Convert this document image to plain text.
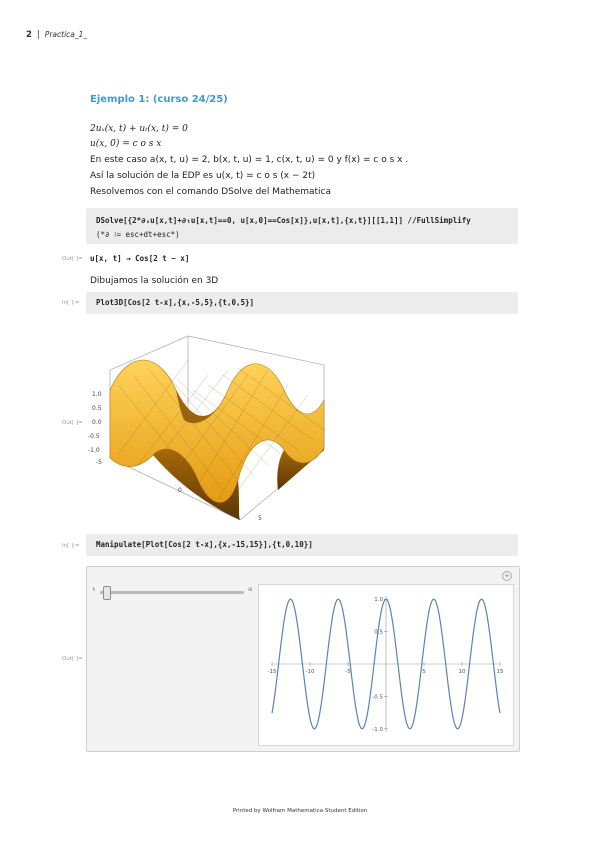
2 | Practica_1_
Ejemplo 1: (curso 24/25)
2uₓ(x, t) + uₜ(x, t) = 0
u(x, 0) = c o s x
En este caso a(x, t, u) = 2, b(x, t, u) = 1, c(x, t, u) = 0 y f(x) = c o s x .
Así la solución de la EDP es u(x, t) = c o s (x − 2t)
Resolvemos con el comando DSolve del Mathematica
DSolve[{2*∂ₓu[x,t]+∂ₜu[x,t]==0, u[x,0]==Cos[x]},u[x,t],{x,t}][[1,1]] //FullSimplify
(*∂ ⁝= esc+dt+esc*)
Out[ ]= u[x, t] → Cos[2 t − x]
Dibujamos la solución en 3D
In[ ]:= Plot3D[Cos[2 t-x],{x,-5,5},{t,0,5}]
Out[ ]=
1.0
0.5
0.0
-0.5
-1.0
-5
0
5
In[ ]:= Manipulate[Plot[Cos[2 t-x],{x,-15,15}],{t,0,10}]
Out[ ]=
+
t	⊞
-15	-10	-5	5	10	15
1.0
0.5
-0.5
-1.0
Printed by Wolfram Mathematica Student Edition
